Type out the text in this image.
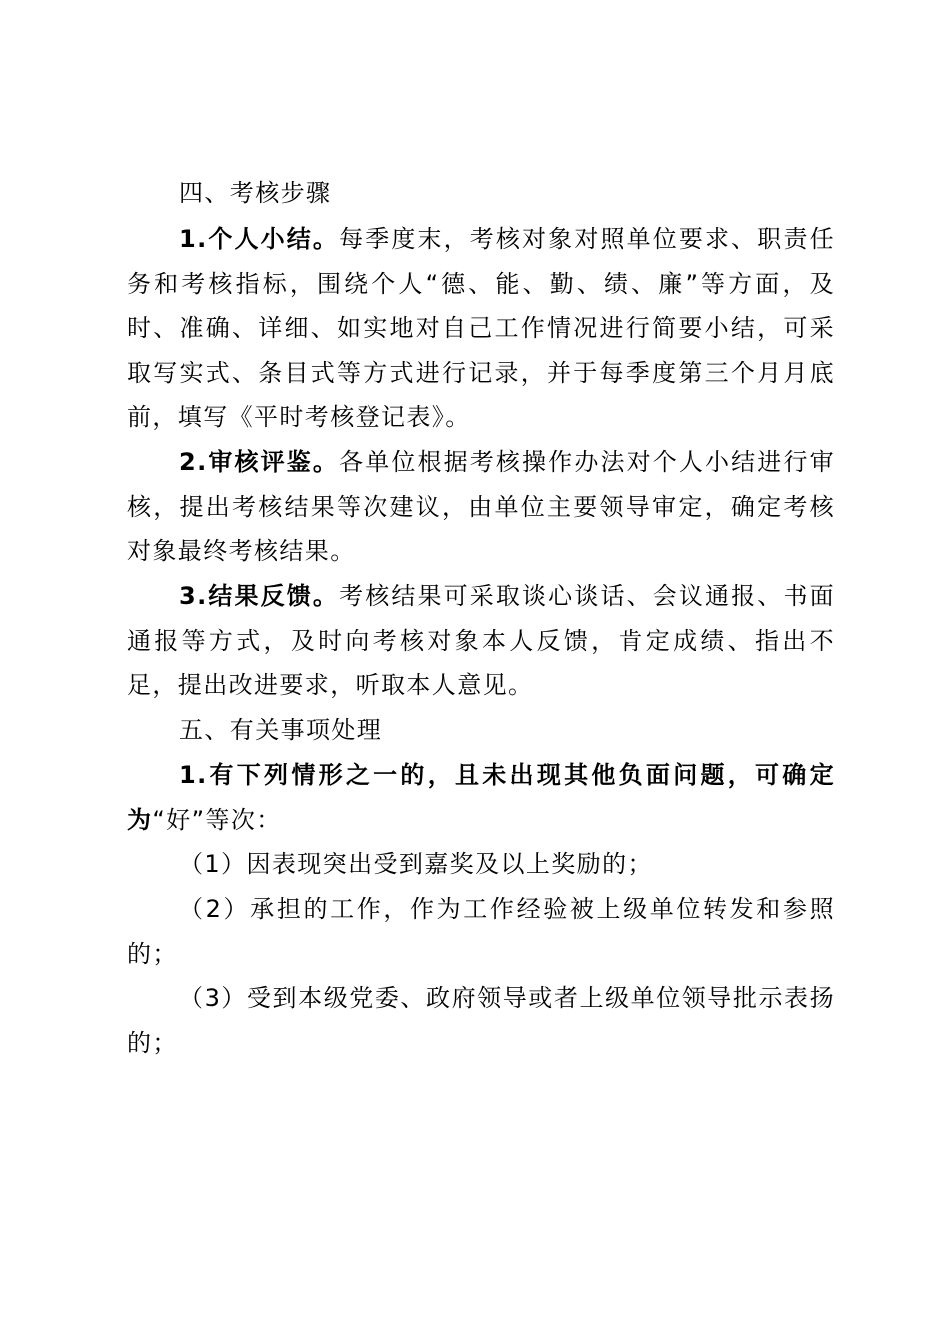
四、考核步骤

1.个人小结。每季度末，考核对象对照单位要求、职责任务和考核指标，围绕个人“德、能、勤、绩、廉”等方面，及时、准确、详细、如实地对自己工作情况进行简要小结，可采取写实式、条目式等方式进行记录，并于每季度第三个月月底前，填写《平时考核登记表》。

2.审核评鉴。各单位根据考核操作办法对个人小结进行审核，提出考核结果等次建议，由单位主要领导审定，确定考核对象最终考核结果。

3.结果反馈。考核结果可采取谈心谈话、会议通报、书面通报等方式，及时向考核对象本人反馈，肯定成绩、指出不足，提出改进要求，听取本人意见。

五、有关事项处理

1.有下列情形之一的，且未出现其他负面问题，可确定为“好”等次：

（1）因表现突出受到嘉奖及以上奖励的；

（2）承担的工作，作为工作经验被上级单位转发和参照的；

（3）受到本级党委、政府领导或者上级单位领导批示表扬的；
